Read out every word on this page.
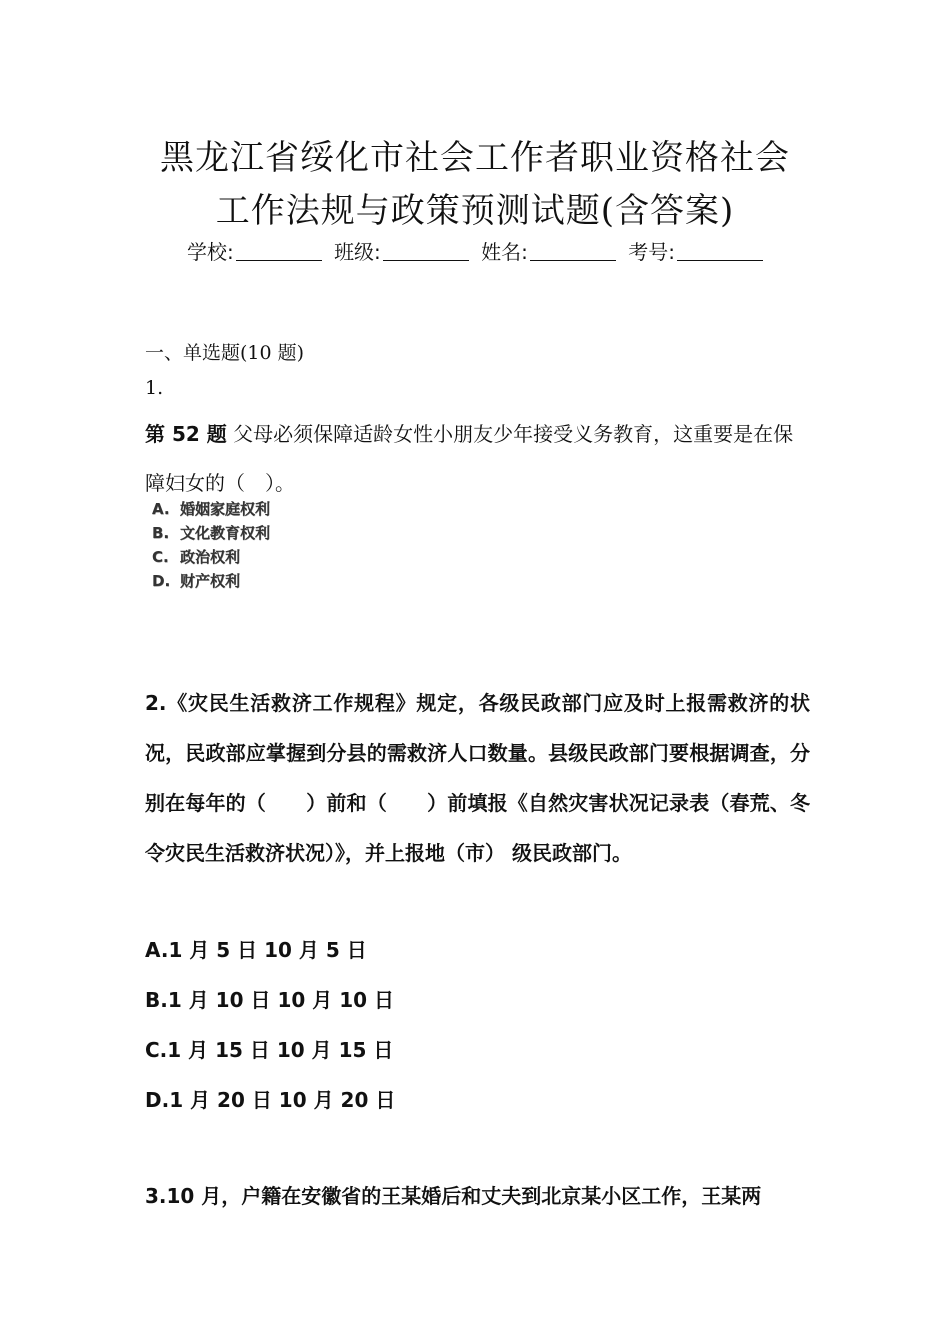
黑龙江省绥化市社会工作者职业资格社会
工作法规与政策预测试题(含答案)
学校:	班级:	姓名:	考号:
一、单选题(10 题)
1.
第 52 题 父母必须保障适龄女性小朋友少年接受义务教育，这重要是在保障妇女的（　）。
A. 婚姻家庭权利
B. 文化教育权利
C. 政治权利
D. 财产权利
2.《灾民生活救济工作规程》规定，各级民政部门应及时上报需救济的状况，民政部应掌握到分县的需救济人口数量。县级民政部门要根据调查，分别在每年的（　　）前和（　　）前填报《自然灾害状况记录表（春荒、冬令灾民生活救济状况）》，并上报地（市） 级民政部门。
A.1 月 5 日 10 月 5 日
B.1 月 10 日 10 月 10 日
C.1 月 15 日 10 月 15 日
D.1 月 20 日 10 月 20 日
3.10 月，户籍在安徽省的王某婚后和丈夫到北京某小区工作，王某两
